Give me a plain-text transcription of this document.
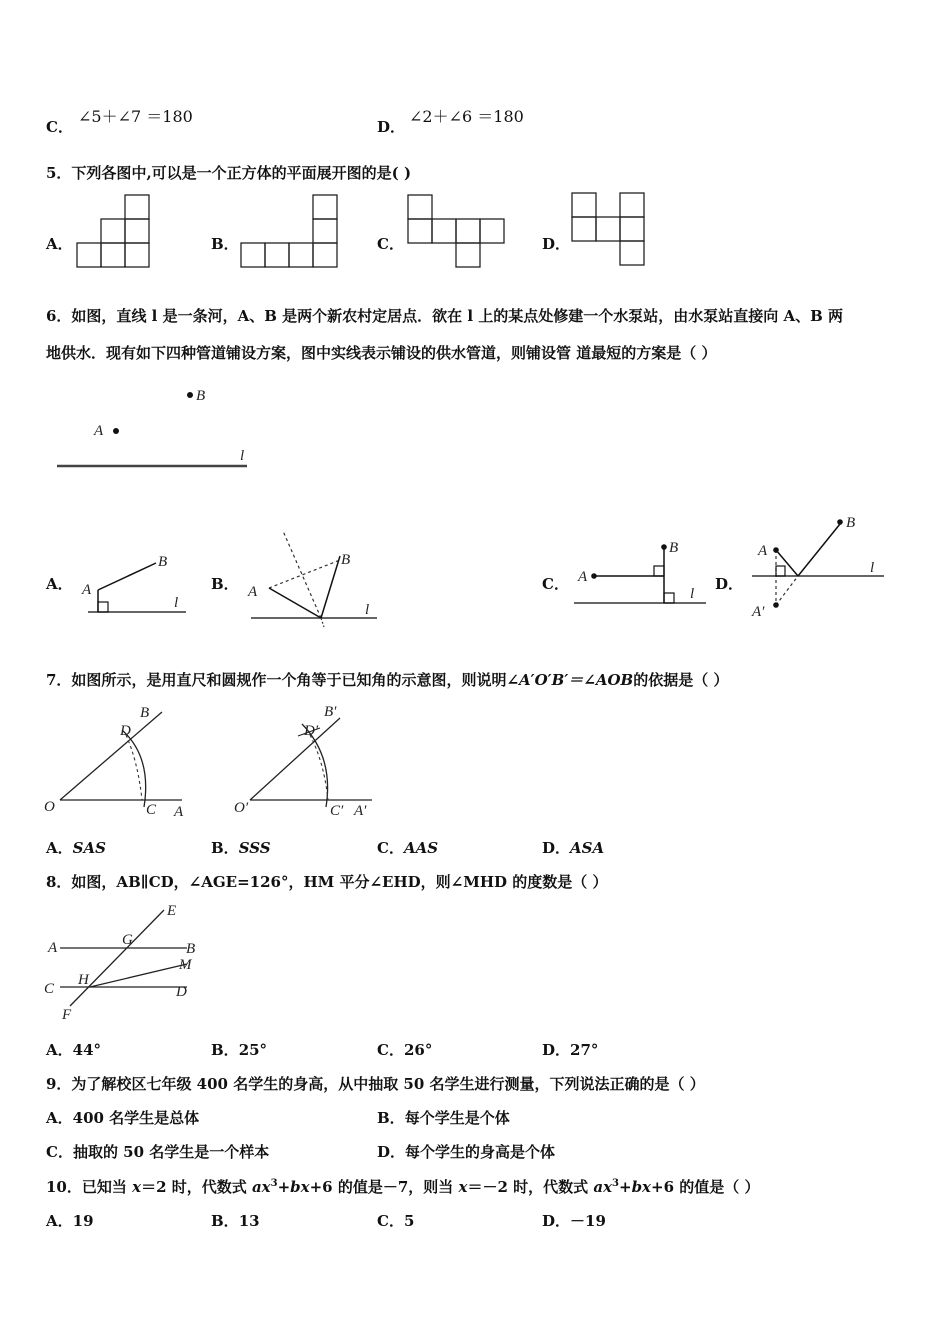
C．
∠5＋∠7 ＝180
D．
∠2＋∠6 ＝180
5．下列各图中,可以是一个正方体的平面展开图的是( )
A．	B．	C．	D．
6．如图，直线 l 是一条河，A、B 是两个新农村定居点．欲在 l 上的某点处修建一个水泵站，由水泵站直接向 A、B 两
地供水．现有如下四种管道铺设方案，图中实线表示铺设的供水管道，则铺设管 道最短的方案是（ ）
B
A
l
A． A
B
l
B． A
B
l
C． A
B
l
D．
A
B
l
A′
7．如图所示，是用直尺和圆规作一个角等于已知角的示意图，则说明∠A′O′B′＝∠AOB的依据是（ ）
O	C A
D
B
O′	C′ A′
D′
B′
A．SAS	B．SSS	C．AAS	D．ASA
8．如图，AB∥CD，∠AGE=126°，HM 平分∠EHD，则∠MHD 的度数是（ ）
E
A	G
B
M
H
C	D
F
A．44°	B．25°	C．26°	D．27°
9．为了解校区七年级 400 名学生的身高，从中抽取 50 名学生进行测量，下列说法正确的是（ ）
A．400 名学生是总体	B．每个学生是个体
C．抽取的 50 名学生是一个样本	D．每个学生的身高是个体
10．已知当 x＝2 时，代数式 $ax^3+bx+6$ 的值是－7，则当 x＝－2 时，代数式 $ax^3+bx+6$ 的值是（ ）
A．19	B．13	C．5	D．－19
